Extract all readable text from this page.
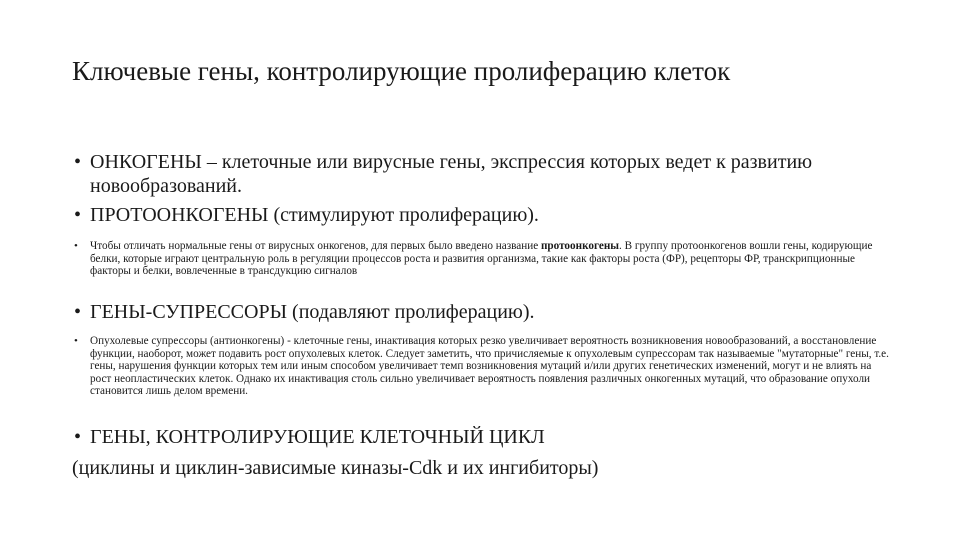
Ключевые гены, контролирующие пролиферацию клеток
• ОНКОГЕНЫ – клеточные или вирусные гены, экспрессия которых ведет к развитию новообразований.
• ПРОТООНКОГЕНЫ (стимулируют пролиферацию).
•	Чтобы отличать нормальные гены от вирусных онкогенов, для первых было введено название протоонкогены. В группу протоонкогенов вошли гены, кодирующие белки, которые играют центральную роль в регуляции процессов роста и развития организма, такие как факторы роста (ФР), рецепторы ФР, транскрипционные факторы и белки, вовлеченные в трансдукцию сигналов
• ГЕНЫ-СУПРЕССОРЫ (подавляют пролиферацию).
•	Опухолевые супрессоры (антионкогены) - клеточные гены, инактивация которых резко увеличивает вероятность возникновения новообразований, а восстановление функции, наоборот, может подавить рост опухолевых клеток. Следует заметить, что причисляемые к опухолевым супрессорам так называемые "мутаторные" гены, т.е. гены, нарушения функции которых тем или иным способом увеличивает темп возникновения мутаций и/или других генетических изменений, могут и не влиять на рост неопластических клеток. Однако их инактивация столь сильно увеличивает вероятность появления различных онкогенных мутаций, что образование опухоли становится лишь делом времени.
• ГЕНЫ, КОНТРОЛИРУЮЩИЕ КЛЕТОЧНЫЙ ЦИКЛ
(циклины и циклин-зависимые киназы-Cdk и их ингибиторы)
